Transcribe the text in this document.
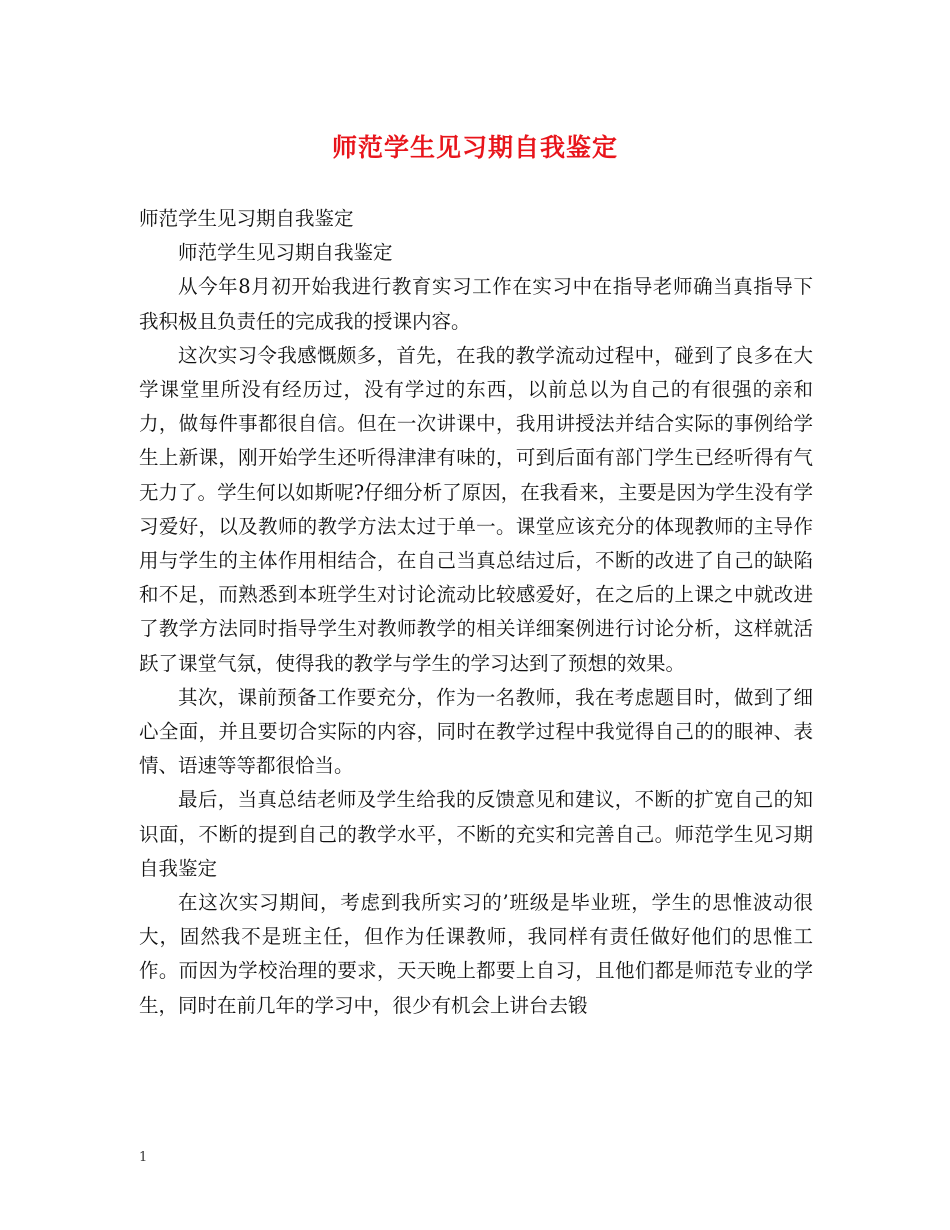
师范学生见习期自我鉴定

师范学生见习期自我鉴定

师范学生见习期自我鉴定

从今年8月初开始我进行教育实习工作在实习中在指导老师确当真指导下我积极且负责任的完成我的授课内容。

这次实习令我感慨颇多，首先，在我的教学流动过程中，碰到了良多在大学课堂里所没有经历过，没有学过的东西，以前总以为自己的有很强的亲和力，做每件事都很自信。但在一次讲课中，我用讲授法并结合实际的事例给学生上新课，刚开始学生还听得津津有味的，可到后面有部门学生已经听得有气无力了。学生何以如斯呢?仔细分析了原因，在我看来，主要是因为学生没有学习爱好，以及教师的教学方法太过于单一。课堂应该充分的体现教师的主导作用与学生的主体作用相结合，在自己当真总结过后，不断的改进了自己的缺陷和不足，而熟悉到本班学生对讨论流动比较感爱好，在之后的上课之中就改进了教学方法同时指导学生对教师教学的相关详细案例进行讨论分析，这样就活跃了课堂气氛，使得我的教学与学生的学习达到了预想的效果。

其次，课前预备工作要充分，作为一名教师，我在考虑题目时，做到了细心全面，并且要切合实际的内容，同时在教学过程中我觉得自己的的眼神、表情、语速等等都很恰当。

最后，当真总结老师及学生给我的反馈意见和建议，不断的扩宽自己的知识面，不断的提到自己的教学水平，不断的充实和完善自己。师范学生见习期自我鉴定

在这次实习期间，考虑到我所实习的’班级是毕业班，学生的思惟波动很大，固然我不是班主任，但作为任课教师，我同样有责任做好他们的思惟工作。而因为学校治理的要求，天天晚上都要上自习，且他们都是师范专业的学生，同时在前几年的学习中，很少有机会上讲台去锻

1
